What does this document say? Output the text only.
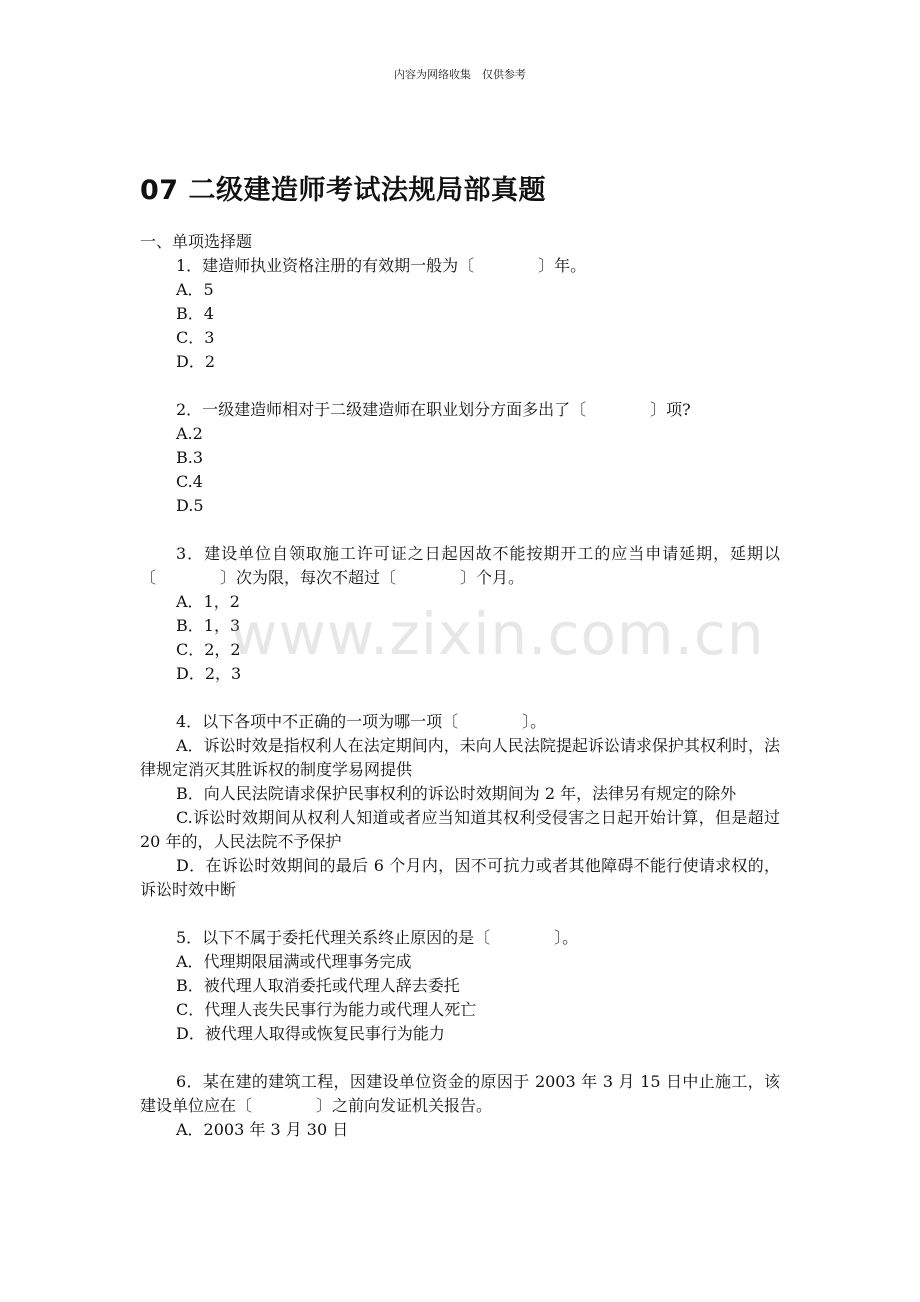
内容为网络收集　仅供参考
07 二级建造师考试法规局部真题
一、单项选择题
1．建造师执业资格注册的有效期一般为〔　　　　〕年。
A．5
B．4
C．3
D．2
2．一级建造师相对于二级建造师在职业划分方面多出了〔　　　　〕项?
A.2
B.3
C.4
D.5
3．建设单位自领取施工许可证之日起因故不能按期开工的应当申请延期，延期以〔　　　　〕次为限，每次不超过〔　　　　〕个月。
A．1，2
B．1，3
C．2，2
D．2，3
4．以下各项中不正确的一项为哪一项〔　　　　〕。
A．诉讼时效是指权利人在法定期间内，未向人民法院提起诉讼请求保护其权利时，法律规定消灭其胜诉权的制度学易网提供
B．向人民法院请求保护民事权利的诉讼时效期间为 2 年，法律另有规定的除外
C.诉讼时效期间从权利人知道或者应当知道其权利受侵害之日起开始计算，但是超过 20 年的，人民法院不予保护
D．在诉讼时效期间的最后 6 个月内，因不可抗力或者其他障碍不能行使请求权的，诉讼时效中断
5．以下不属于委托代理关系终止原因的是〔　　　　〕。
A．代理期限届满或代理事务完成
B．被代理人取消委托或代理人辞去委托
C．代理人丧失民事行为能力或代理人死亡
D．被代理人取得或恢复民事行为能力
6．某在建的建筑工程，因建设单位资金的原因于 2003 年 3 月 15 日中止施工，该建设单位应在〔　　　　〕之前向发证机关报告。
A．2003 年 3 月 30 日
www.zixin.com.cn
